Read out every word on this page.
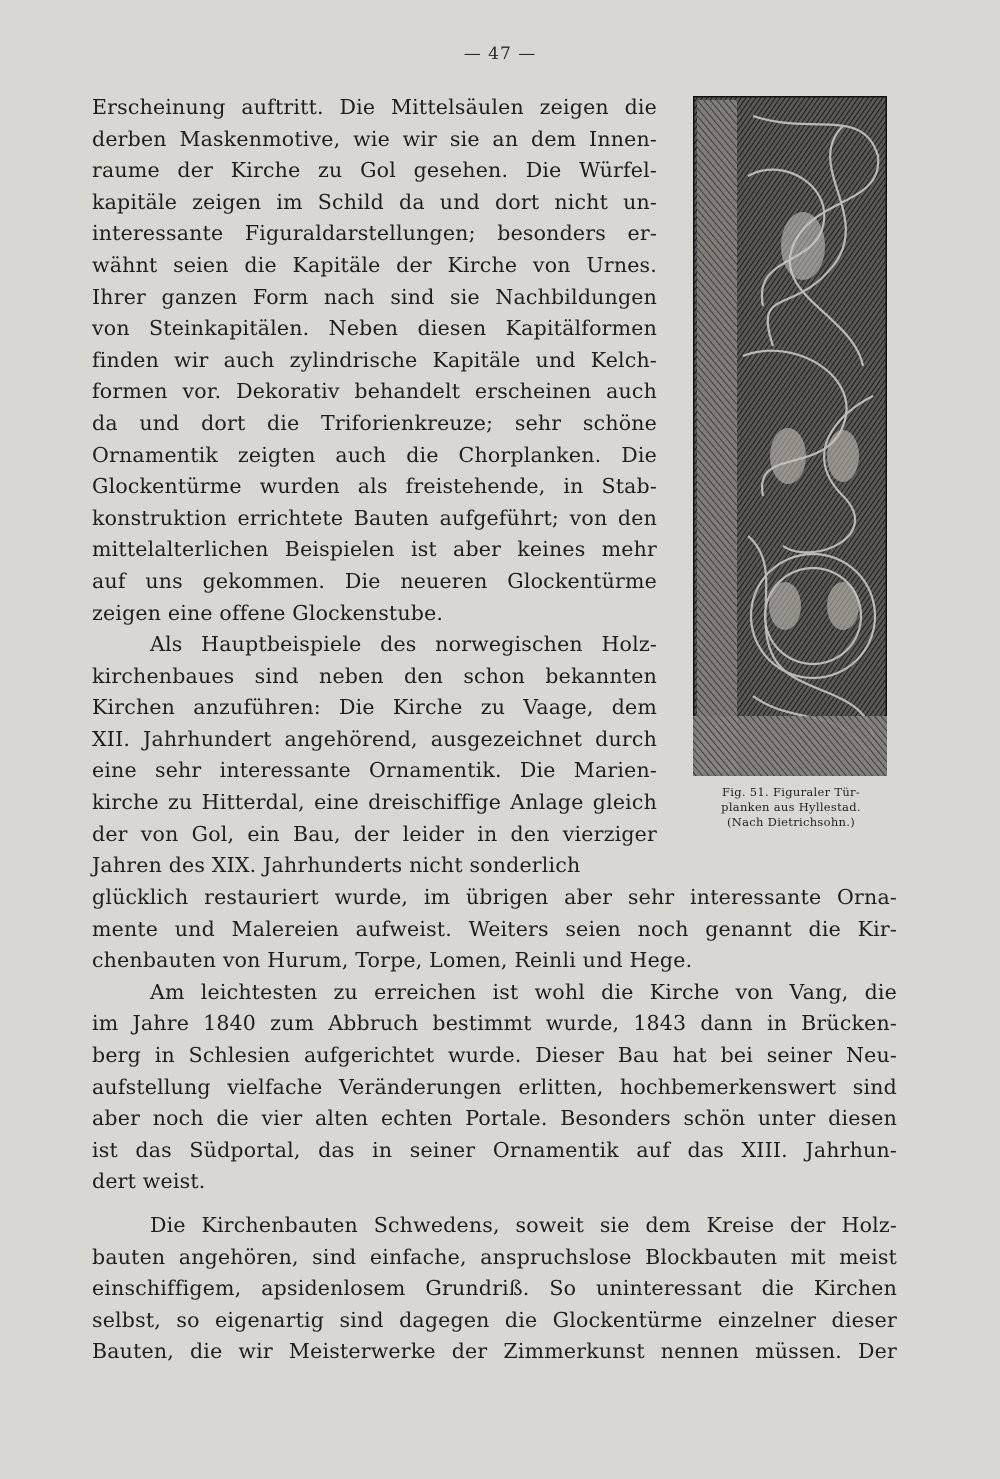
— 47 —
Erscheinung auftritt. Die Mittelsäulen zeigen die
derben Maskenmotive, wie wir sie an dem Innen-
raume der Kirche zu Gol gesehen. Die Würfel-
kapitäle zeigen im Schild da und dort nicht un-
interessante Figuraldarstellungen; besonders er-
wähnt seien die Kapitäle der Kirche von Urnes.
Ihrer ganzen Form nach sind sie Nachbildungen
von Steinkapitälen. Neben diesen Kapitälformen
finden wir auch zylindrische Kapitäle und Kelch-
formen vor. Dekorativ behandelt erscheinen auch
da und dort die Triforienkreuze; sehr schöne
Ornamentik zeigten auch die Chorplanken. Die
Glockentürme wurden als freistehende, in Stab-
konstruktion errichtete Bauten aufgeführt; von den
mittelalterlichen Beispielen ist aber keines mehr
auf uns gekommen. Die neueren Glockentürme
zeigen eine offene Glockenstube.
Als Hauptbeispiele des norwegischen Holz-
kirchenbaues sind neben den schon bekannten
Kirchen anzuführen: Die Kirche zu Vaage, dem
XII. Jahrhundert angehörend, ausgezeichnet durch
eine sehr interessante Ornamentik. Die Marien-
kirche zu Hitterdal, eine dreischiffige Anlage gleich
der von Gol, ein Bau, der leider in den vierziger
Jahren des XIX. Jahrhunderts nicht sonderlich
Fig. 51. Figuraler Tür-
planken aus Hyllestad.
(Nach Dietrichsohn.)
glücklich restauriert wurde, im übrigen aber sehr interessante Orna-
mente und Malereien aufweist. Weiters seien noch genannt die Kir-
chenbauten von Hurum, Torpe, Lomen, Reinli und Hege.
Am leichtesten zu erreichen ist wohl die Kirche von Vang, die
im Jahre 1840 zum Abbruch bestimmt wurde, 1843 dann in Brücken-
berg in Schlesien aufgerichtet wurde. Dieser Bau hat bei seiner Neu-
aufstellung vielfache Veränderungen erlitten, hochbemerkenswert sind
aber noch die vier alten echten Portale. Besonders schön unter diesen
ist das Südportal, das in seiner Ornamentik auf das XIII. Jahrhun-
dert weist.
Die Kirchenbauten Schwedens, soweit sie dem Kreise der Holz-
bauten angehören, sind einfache, anspruchslose Blockbauten mit meist
einschiffigem, apsidenlosem Grundriß. So uninteressant die Kirchen
selbst, so eigenartig sind dagegen die Glockentürme einzelner dieser
Bauten, die wir Meisterwerke der Zimmerkunst nennen müssen. Der
